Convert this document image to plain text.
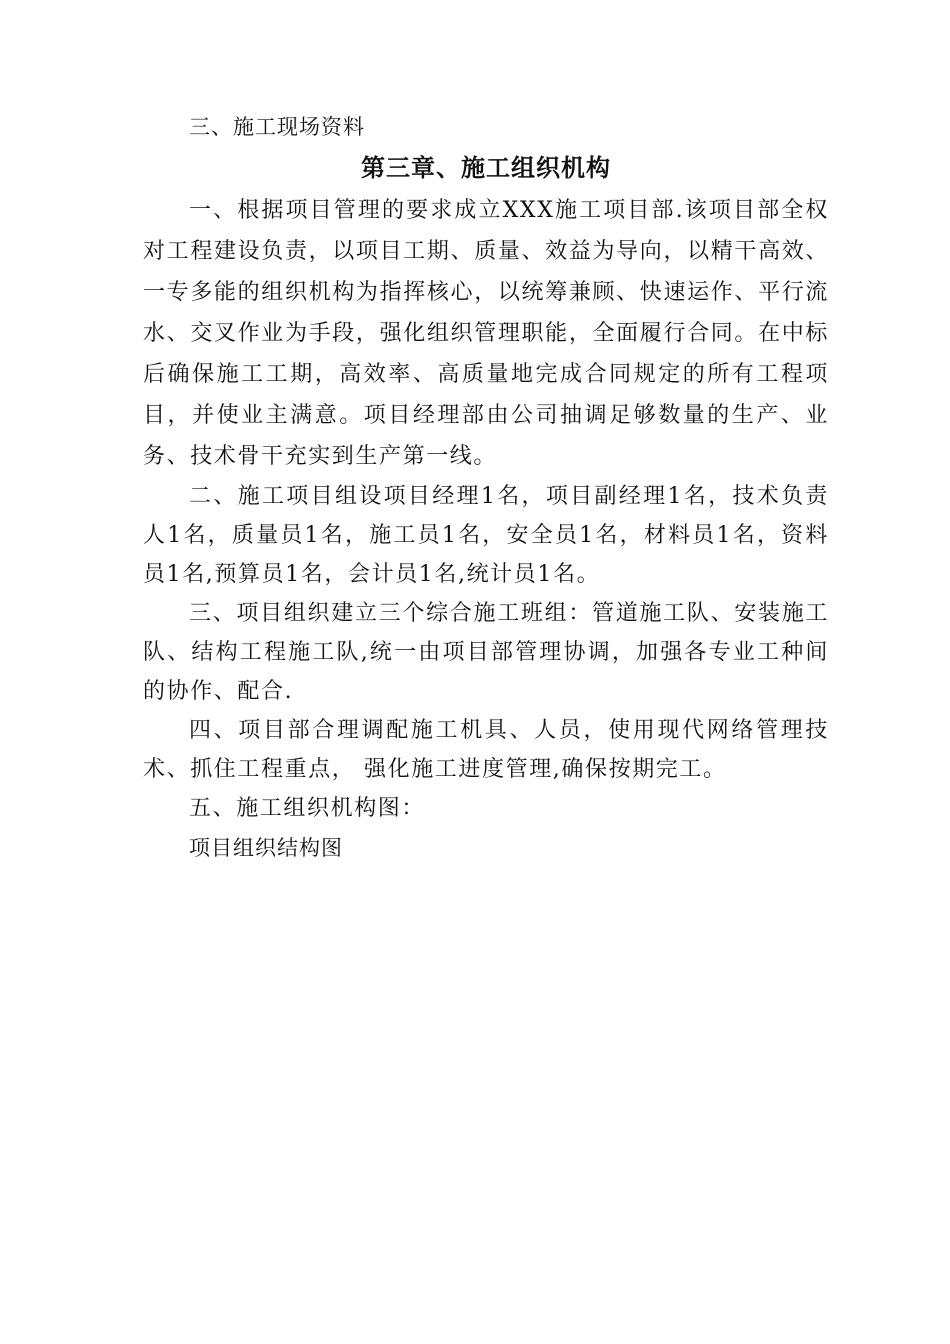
三、施工现场资料

第三章、施工组织机构

一、根据项目管理的要求成立XXX施工项目部.该项目部全权对工程建设负责，以项目工期、质量、效益为导向，以精干高效、一专多能的组织机构为指挥核心，以统筹兼顾、快速运作、平行流水、交叉作业为手段，强化组织管理职能，全面履行合同。在中标后确保施工工期，高效率、高质量地完成合同规定的所有工程项目，并使业主满意。项目经理部由公司抽调足够数量的生产、业务、技术骨干充实到生产第一线。

二、施工项目组设项目经理1名，项目副经理1名，技术负责人1名，质量员1名，施工员1名，安全员1名，材料员1名，资料员1名,预算员1名，会计员1名,统计员1名。

三、项目组织建立三个综合施工班组：管道施工队、安装施工队、结构工程施工队,统一由项目部管理协调，加强各专业工种间的协作、配合.

四、项目部合理调配施工机具、人员，使用现代网络管理技术、抓住工程重点， 强化施工进度管理,确保按期完工。

五、施工组织机构图：

项目组织结构图
